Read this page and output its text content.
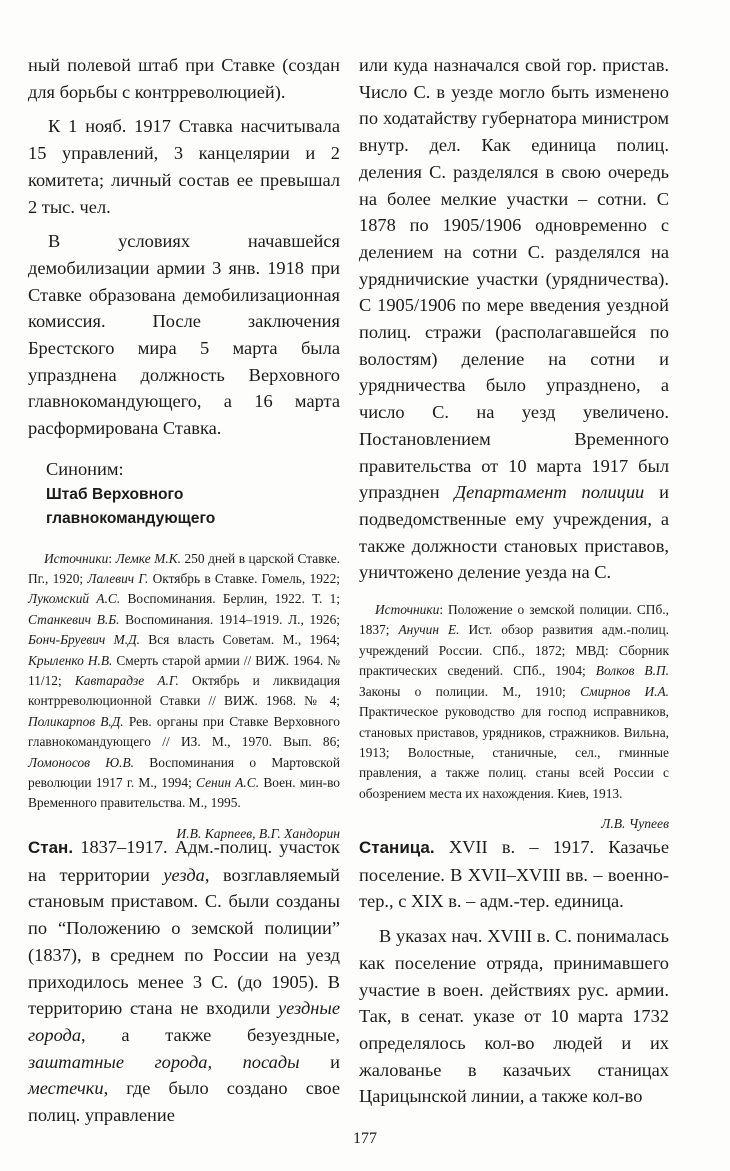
ный полевой штаб при Ставке (создан для борьбы с контрреволюцией).

К 1 нояб. 1917 Ставка насчитывала 15 управлений, 3 канцелярии и 2 комитета; личный состав ее превышал 2 тыс. чел.

В условиях начавшейся демобилизации армии 3 янв. 1918 при Ставке образована демобилизационная комиссия. После заключения Брестского мира 5 марта была упразднена должность Верховного главнокомандующего, а 16 марта расформирована Ставка.

Синоним:
Штаб Верховного главнокомандующего
Источники: Лемке М.К. 250 дней в царской Ставке. Пг., 1920; Лалевич Г. Октябрь в Ставке. Гомель, 1922; Лукомский А.С. Воспоминания. Берлин, 1922. Т. 1; Станкевич В.Б. Воспоминания. 1914–1919. Л., 1926; Бонч-Бруевич М.Д. Вся власть Советам. М., 1964; Крыленко Н.В. Смерть старой армии // ВИЖ. 1964. № 11/12; Кавтарадзе А.Г. Октябрь и ликвидация контрреволюционной Ставки // ВИЖ. 1968. № 4; Поликарпов В.Д. Рев. органы при Ставке Верховного главнокомандующего // ИЗ. М., 1970. Вып. 86; Ломоносов Ю.В. Воспоминания о Мартовской революции 1917 г. М., 1994; Сенин А.С. Воен. мин-во Временного правительства. М., 1995.
И.В. Карпеев, В.Г. Хандорин

или куда назначался свой гор. пристав. Число С. в уезде могло быть изменено по ходатайству губернатора министром внутр. дел. Как единица полиц. деления С. разделялся в свою очередь на более мелкие участки – сотни. С 1878 по 1905/1906 одновременно с делением на сотни С. разделялся на урядничиские участки (урядничества). С 1905/1906 по мере введения уездной полиц. стражи (располагавшейся по волостям) деление на сотни и урядничества было упразднено, а число С. на уезд увеличено. Постановлением Временного правительства от 10 марта 1917 был упразднен Департамент полиции и подведомственные ему учреждения, а также должности становых приставов, уничтожено деление уезда на С.

Источники: Положение о земской полиции. СПб., 1837; Анучин Е. Ист. обзор развития адм.-полиц. учреждений России. СПб., 1872; МВД: Сборник практических сведений. СПб., 1904; Волков В.П. Законы о полиции. М., 1910; Смирнов И.А. Практическое руководство для господ исправников, становых приставов, урядников, стражников. Вильна, 1913; Волостные, станичные, сел., гминные правления, а также полиц. станы всей России с обозрением места их нахождения. Киев, 1913.
Л.В. Чупеев

Стан. 1837–1917. Адм.-полиц. участок на территории уезда, возглавляемый становым приставом. С. были созданы по “Положению о земской полиции” (1837), в среднем по России на уезд приходилось менее 3 С. (до 1905). В территорию стана не входили уездные города, а также безуездные, заштатные города, посады и местечки, где было создано свое полиц. управление

Станица. XVII в. – 1917. Казачье поселение. В XVII–XVIII вв. – военно-тер., с XIX в. – адм.-тер. единица.

В указах нач. XVIII в. С. понималась как поселение отряда, принимавшего участие в воен. действиях рус. армии. Так, в сенат. указе от 10 марта 1732 определялось кол-во людей и их жалованье в казачьих станицах Царицынской линии, а также кол-во

177
